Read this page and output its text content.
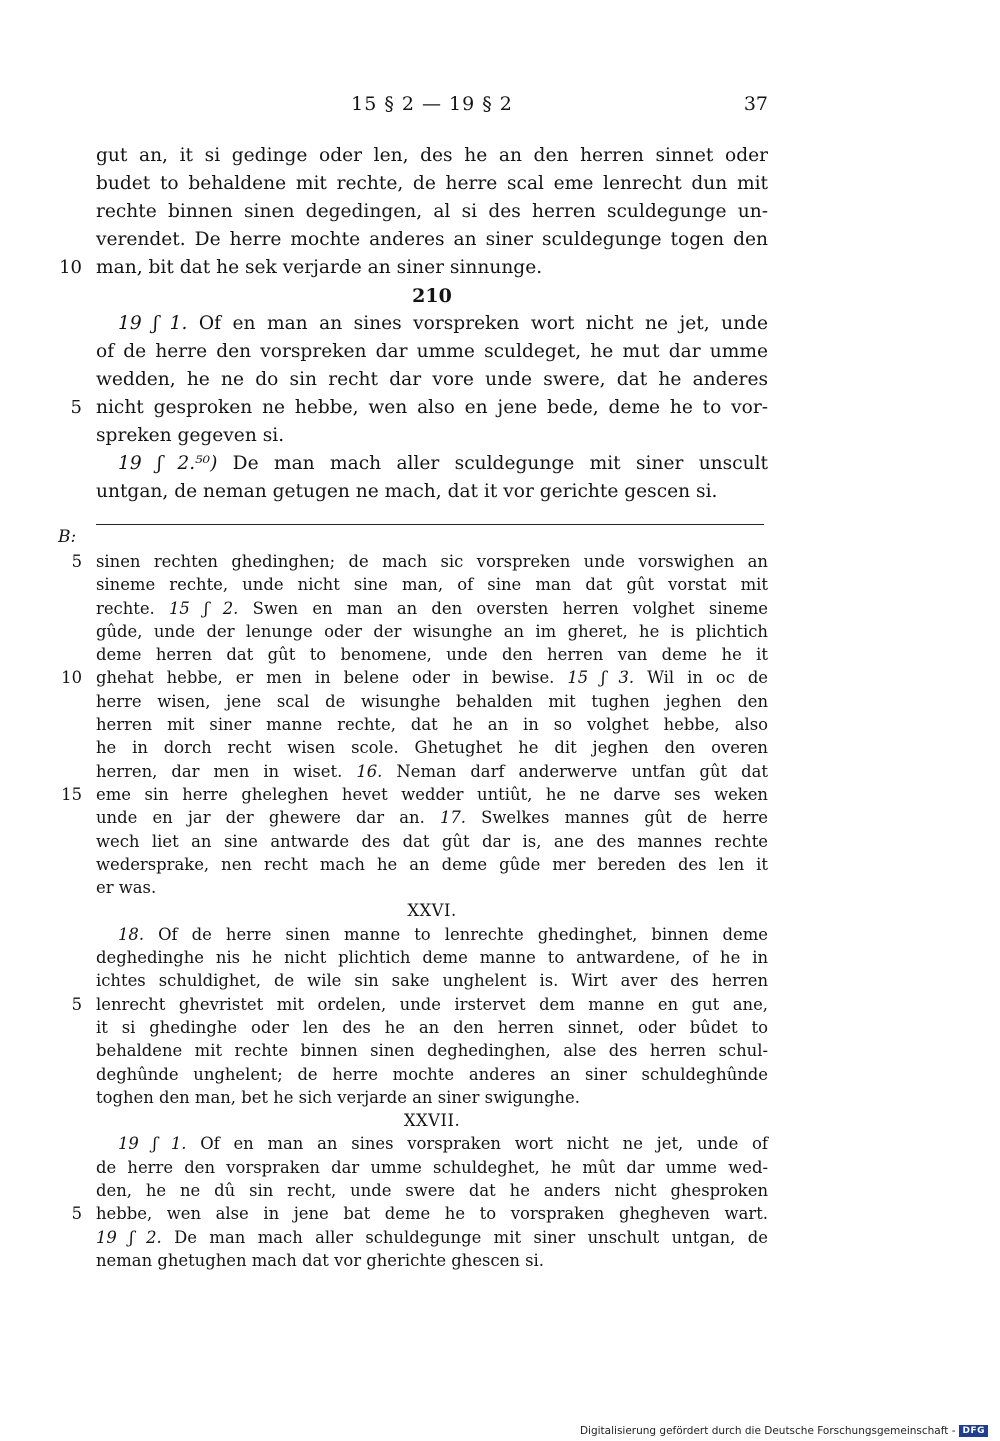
15 § 2 — 19 § 2	37
gut an, it si gedinge oder len, des he an den herren sinnet oder
budet to behaldene mit rechte, de herre scal eme lenrecht dun mit
rechte binnen sinen degedingen, al si des herren sculdegunge un-
verendet. De herre mochte anderes an siner sculdegunge togen den
10 man, bit dat he sek verjarde an siner sinnunge.
210
19 ʃ 1. Of en man an sines vorspreken wort nicht ne jet, unde
of de herre den vorspreken dar umme sculdeget, he mut dar umme
wedden, he ne do sin recht dar vore unde swere, dat he anderes
5 nicht gesproken ne hebbe, wen also en jene bede, deme he to vor-
spreken gegeven si.
19 ʃ 2.⁵⁰) De man mach aller sculdegunge mit siner unscult
untgan, de neman getugen ne mach, dat it vor gerichte gescen si.
B:
5 sinen rechten ghedinghen; de mach sic vorspreken unde vorswighen an
sineme rechte, unde nicht sine man, of sine man dat gût vorstat mit
rechte. 15 ʃ 2. Swen en man an den oversten herren volghet sineme
gûde, unde der lenunge oder der wisunghe an im gheret, he is plichtich
deme herren dat gût to benomene, unde den herren van deme he it
10 ghehat hebbe, er men in belene oder in bewise. 15 ʃ 3. Wil in oc de
herre wisen, jene scal de wisunghe behalden mit tughen jeghen den
herren mit siner manne rechte, dat he an in so volghet hebbe, also
he in dorch recht wisen scole. Ghetughet he dit jeghen den overen
herren, dar men in wiset. 16. Neman darf anderwerve untfan gût dat
15 eme sin herre gheleghen hevet wedder untiût, he ne darve ses weken
unde en jar der ghewere dar an. 17. Swelkes mannes gût de herre
wech liet an sine antwarde des dat gût dar is, ane des mannes rechte
wedersprake, nen recht mach he an deme gûde mer bereden des len it
er was.
XXVI.
18. Of de herre sinen manne to lenrechte ghedinghet, binnen deme
deghedinghe nis he nicht plichtich deme manne to antwardene, of he in
ichtes schuldighet, de wile sin sake unghelent is. Wirt aver des herren
5 lenrecht ghevristet mit ordelen, unde irstervet dem manne en gut ane,
it si ghedinghe oder len des he an den herren sinnet, oder bûdet to
behaldene mit rechte binnen sinen deghedinghen, alse des herren schul-
deghûnde unghelent; de herre mochte anderes an siner schuldeghûnde
toghen den man, bet he sich verjarde an siner swigunghe.
XXVII.
19 ʃ 1. Of en man an sines vorspraken wort nicht ne jet, unde of
de herre den vorspraken dar umme schuldeghet, he mût dar umme wed-
den, he ne dû sin recht, unde swere dat he anders nicht ghesproken
5 hebbe, wen alse in jene bat deme he to vorspraken ghegheven wart.
19 ʃ 2. De man mach aller schuldegunge mit siner unschult untgan, de
neman ghetughen mach dat vor gherichte ghescen si.
Digitalisierung gefördert durch die Deutsche Forschungsgemeinschaft - DFG
